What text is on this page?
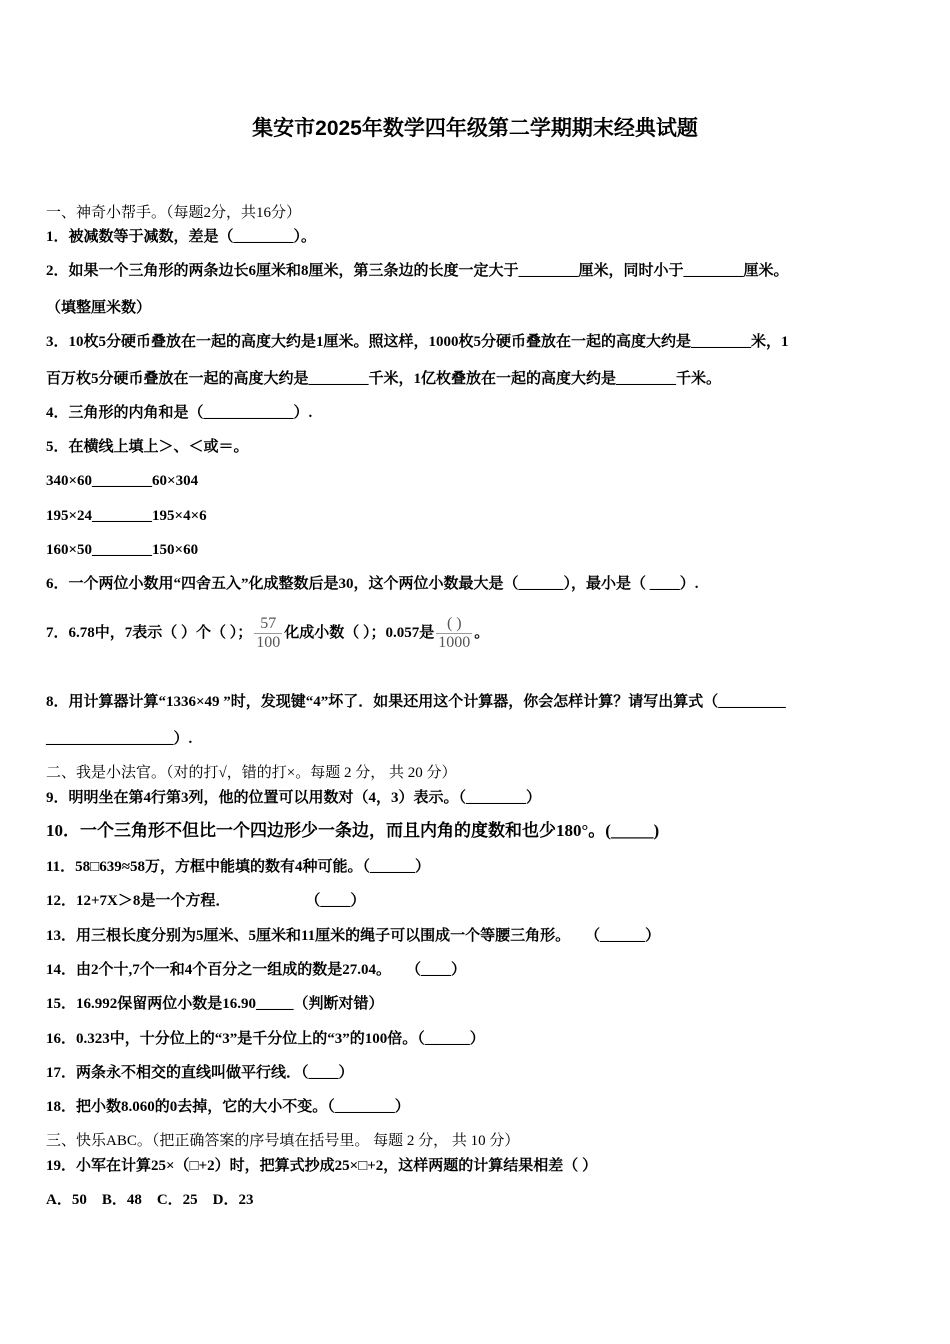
集安市2025年数学四年级第二学期期末经典试题
一、神奇小帮手。（每题2分，共16分）
1．被减数等于减数，差是（________）。
2．如果一个三角形的两条边长6厘米和8厘米，第三条边的长度一定大于________厘米，同时小于________厘米。
（填整厘米数）
3．10枚5分硬币叠放在一起的高度大约是1厘米。照这样，1000枚5分硬币叠放在一起的高度大约是________米，1
百万枚5分硬币叠放在一起的高度大约是________千米，1亿枚叠放在一起的高度大约是________千米。
4．三角形的内角和是（____________）.
5．在横线上填上＞、＜或＝。
340×60________60×304
195×24________195×4×6
160×50________150×60
6．一个两位小数用“四舍五入”化成整数后是30，这个两位小数最大是（______），最小是（ ____）.
7．6.78中，7表示（ ）个（ ）； $\frac{57}{100}$ 化成小数（ ）；0.057是 $\frac{( )}{1000}$ 。
8．用计算器计算“1336×49 ”时，发现键“4”坏了．如果还用这个计算器，你会怎样计算？请写出算式（_________
_________________）.
二、我是小法官。（对的打√，错的打×。每题 2 分， 共 20 分）
9．明明坐在第4行第3列，他的位置可以用数对（4，3）表示。（________）
10．一个三角形不但比一个四边形少一条边，而且内角的度数和也少180°。(_____)
11．58□639≈58万，方框中能填的数有4种可能。（______）
12．12+7X＞8是一个方程．                    （____）
13．用三根长度分别为5厘米、5厘米和11厘米的绳子可以围成一个等腰三角形。    （______）
14．由2个十,7个一和4个百分之一组成的数是27.04。    （____）
15．16.992保留两位小数是16.90_____（判断对错）
16．0.323中，十分位上的“3”是千分位上的“3”的100倍。（______）
17．两条永不相交的直线叫做平行线．（____）
18．把小数8.060的0去掉，它的大小不变。（________）
三、快乐ABC。（把正确答案的序号填在括号里。 每题 2 分， 共 10 分）
19．小军在计算25×（□+2）时，把算式抄成25×□+2，这样两题的计算结果相差（ ）
A．50    B．48    C．25    D．23
